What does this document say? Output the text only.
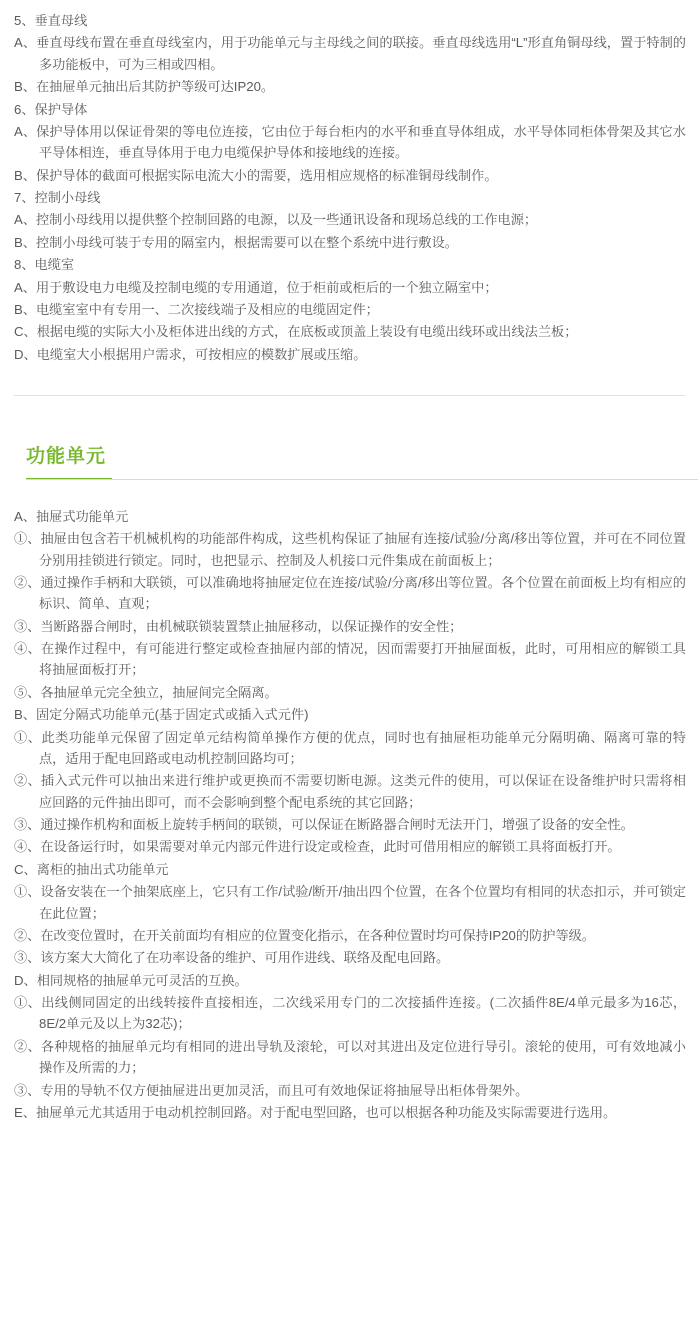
5、垂直母线

A、垂直母线布置在垂直母线室内，用于功能单元与主母线之间的联接。垂直母线选用“L”形直角铜母线，置于特制的多功能板中，可为三相或四相。

B、在抽屉单元抽出后其防护等级可达IP20。

6、保护导体

A、保护导体用以保证骨架的等电位连接，它由位于每台柜内的水平和垂直导体组成，水平导体同柜体骨架及其它水平导体相连，垂直导体用于电力电缆保护导体和接地线的连接。

B、保护导体的截面可根据实际电流大小的需要，选用相应规格的标准铜母线制作。

7、控制小母线

A、控制小母线用以提供整个控制回路的电源，以及一些通讯设备和现场总线的工作电源；

B、控制小母线可装于专用的隔室内，根据需要可以在整个系统中进行敷设。

8、电缆室

A、用于敷设电力电缆及控制电缆的专用通道，位于柜前或柜后的一个独立隔室中；

B、电缆室室中有专用一、二次接线端子及相应的电缆固定件；

C、根据电缆的实际大小及柜体进出线的方式，在底板或顶盖上装设有电缆出线环或出线法兰板；

D、电缆室大小根据用户需求，可按相应的模数扩展或压缩。

功能单元

A、抽屉式功能单元

①、抽屉由包含若干机械机构的功能部件构成，这些机构保证了抽屉有连接/试验/分离/移出等位置，并可在不同位置分别用挂锁进行锁定。同时，也把显示、控制及人机接口元件集成在前面板上；

②、通过操作手柄和大联锁，可以准确地将抽屉定位在连接/试验/分离/移出等位置。各个位置在前面板上均有相应的标识、简单、直观；

③、当断路器合闸时，由机械联锁装置禁止抽屉移动，以保证操作的安全性；

④、在操作过程中，有可能进行整定或检查抽屉内部的情况，因而需要打开抽屉面板，此时，可用相应的解锁工具将抽屉面板打开；

⑤、各抽屉单元完全独立，抽屉间完全隔离。

B、固定分隔式功能单元(基于固定式或插入式元件)

①、此类功能单元保留了固定单元结构简单操作方便的优点，同时也有抽屉柜功能单元分隔明确、隔离可靠的特点，适用于配电回路或电动机控制回路均可；

②、插入式元件可以抽出来进行维护或更换而不需要切断电源。这类元件的使用，可以保证在设备维护时只需将相应回路的元件抽出即可，而不会影响到整个配电系统的其它回路；

③、通过操作机构和面板上旋转手柄间的联锁，可以保证在断路器合闸时无法开门，增强了设备的安全性。

④、在设备运行时，如果需要对单元内部元件进行设定或检查，此时可借用相应的解锁工具将面板打开。

C、离柜的抽出式功能单元

①、设备安装在一个抽架底座上，它只有工作/试验/断开/抽出四个位置，在各个位置均有相同的状态扣示，并可锁定在此位置；

②、在改变位置时，在开关前面均有相应的位置变化指示，在各种位置时均可保持IP20的防护等级。

③、该方案大大简化了在功率设备的维护、可用作进线、联络及配电回路。

D、相同规格的抽屉单元可灵活的互换。

①、出线侧同固定的出线转接件直接相连，二次线采用专门的二次接插件连接。(二次插件8E/4单元最多为16芯，8E/2单元及以上为32芯)；

②、各种规格的抽屉单元均有相同的进出导轨及滚轮，可以对其进出及定位进行导引。滚轮的使用，可有效地减小操作及所需的力；

③、专用的导轨不仅方便抽屉进出更加灵活，而且可有效地保证将抽屉导出柜体骨架外。

E、抽屉单元尤其适用于电动机控制回路。对于配电型回路，也可以根据各种功能及实际需要进行选用。
